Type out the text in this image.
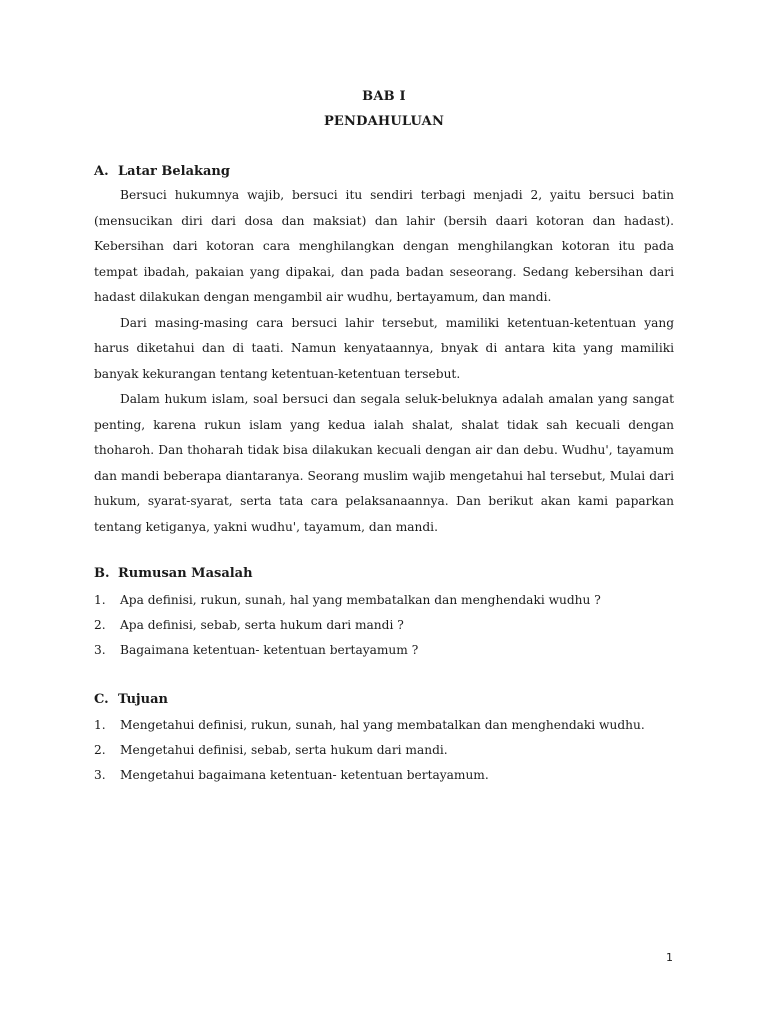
BAB I
PENDAHULUAN
A. Latar Belakang

Bersuci hukumnya wajib, bersuci itu sendiri terbagi menjadi 2, yaitu bersuci batin (mensucikan diri dari dosa dan maksiat) dan lahir (bersih daari kotoran dan hadast). Kebersihan dari kotoran cara menghilangkan dengan menghilangkan kotoran itu pada tempat ibadah, pakaian yang dipakai, dan pada badan seseorang. Sedang kebersihan dari hadast dilakukan dengan mengambil air wudhu, bertayamum, dan mandi.

Dari masing-masing cara bersuci lahir tersebut, mamiliki ketentuan-ketentuan yang harus diketahui dan di taati. Namun kenyataannya, bnyak di antara kita yang mamiliki banyak kekurangan tentang ketentuan-ketentuan tersebut.

Dalam hukum islam, soal bersuci dan segala seluk-beluknya adalah amalan yang sangat penting, karena rukun islam yang kedua ialah shalat, shalat tidak sah kecuali dengan thoharoh. Dan thoharah tidak bisa dilakukan kecuali dengan air dan debu. Wudhu', tayamum dan mandi beberapa diantaranya. Seorang muslim wajib mengetahui hal tersebut, Mulai dari hukum, syarat-syarat, serta tata cara pelaksanaannya. Dan berikut akan kami paparkan tentang ketiganya, yakni wudhu', tayamum, dan mandi.

B. Rumusan Masalah
1.	Apa definisi, rukun, sunah, hal yang membatalkan dan menghendaki wudhu ?
2.	Apa definisi, sebab, serta hukum dari mandi ?
3.	Bagaimana ketentuan- ketentuan bertayamum ?
C. Tujuan
1.	Mengetahui definisi, rukun, sunah, hal yang membatalkan dan menghendaki wudhu.
2.	Mengetahui definisi, sebab, serta hukum dari mandi.
3.	Mengetahui bagaimana ketentuan- ketentuan bertayamum.
1
